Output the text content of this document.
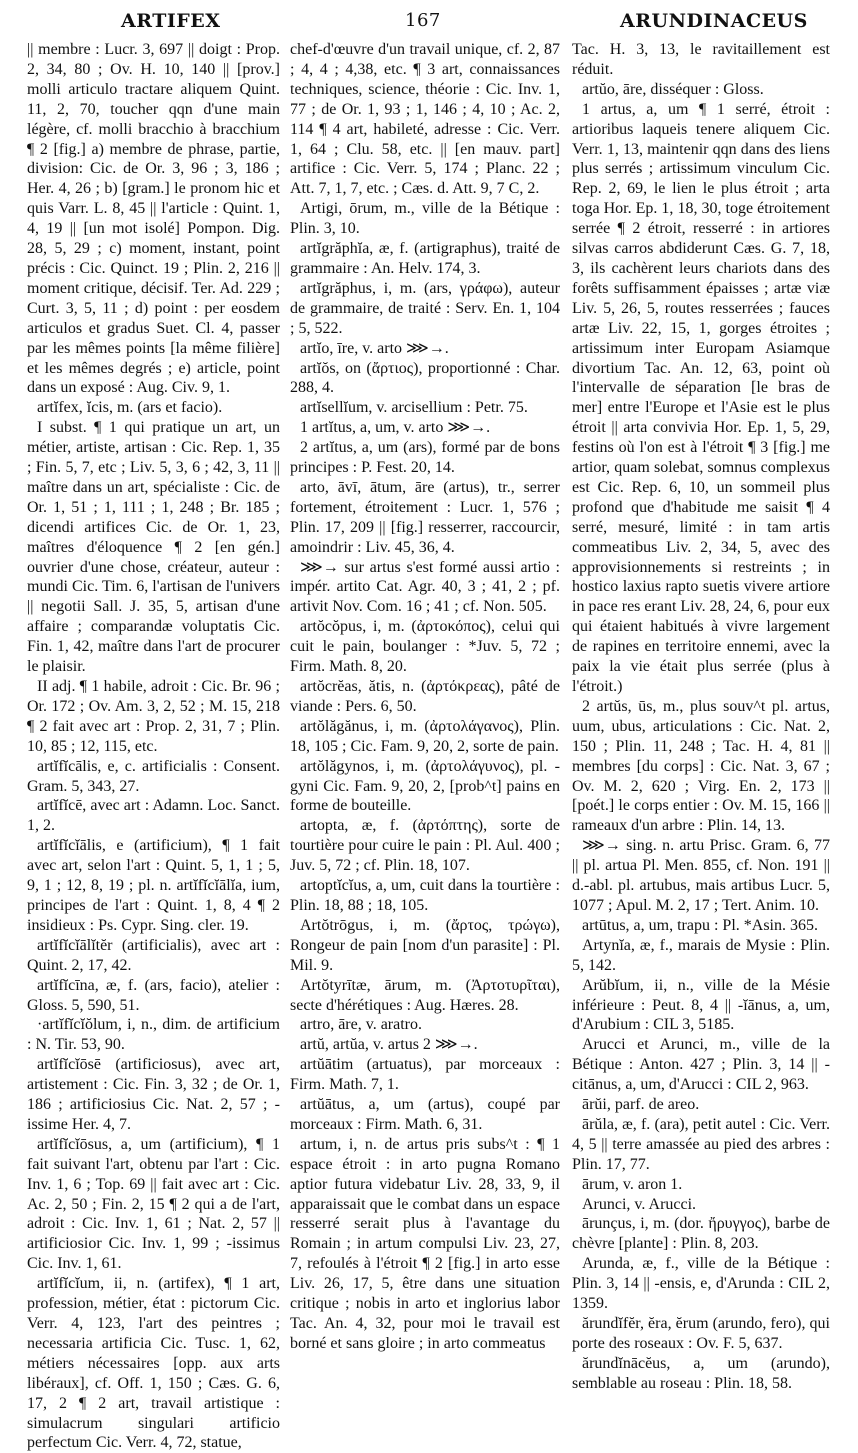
ARTIFEX	167	ARUNDINACEUS

|| membre : Lucr. 3, 697 || doigt : Prop. 2, 34, 80 ; Ov. H. 10, 140 || [prov.] molli articulo tractare aliquem Quint. 11, 2, 70, toucher qqn d'une main légère, cf. molli bracchio à bracchium ¶ 2 [fig.] a) membre de phrase, partie, division: Cic. de Or. 3, 96 ; 3, 186 ; Her. 4, 26 ; b) [gram.] le pronom hic et quis Varr. L. 8, 45 || l'article : Quint. 1, 4, 19 || [un mot isolé] Pompon. Dig. 28, 5, 29 ; c) moment, instant, point précis : Cic. Quinct. 19 ; Plin. 2, 216 || moment critique, décisif. Ter. Ad. 229 ; Curt. 3, 5, 11 ; d) point : per eosdem articulos et gradus Suet. Cl. 4, passer par les mêmes points [la même filière] et les mêmes degrés ; e) article, point dans un exposé : Aug. Civ. 9, 1.

artĭfex, ĭcis, m. (ars et facio).

I subst. ¶ 1 qui pratique un art, un métier, artiste, artisan : Cic. Rep. 1, 35 ; Fin. 5, 7, etc ; Liv. 5, 3, 6 ; 42, 3, 11 || maître dans un art, spécialiste : Cic. de Or. 1, 51 ; 1, 111 ; 1, 248 ; Br. 185 ; dicendi artifices Cic. de Or. 1, 23, maîtres d'éloquence ¶ 2 [en gén.] ouvrier d'une chose, créateur, auteur : mundi Cic. Tim. 6, l'artisan de l'univers || negotii Sall. J. 35, 5, artisan d'une affaire ; comparandæ voluptatis Cic. Fin. 1, 42, maître dans l'art de procurer le plaisir.

II adj. ¶ 1 habile, adroit : Cic. Br. 96 ; Or. 172 ; Ov. Am. 3, 2, 52 ; M. 15, 218 ¶ 2 fait avec art : Prop. 2, 31, 7 ; Plin. 10, 85 ; 12, 115, etc.

artĭfĭcālis, e, c. artificialis : Consent. Gram. 5, 343, 27.

artĭfĭcē, avec art : Adamn. Loc. Sanct. 1, 2.

artĭfĭcĭālis, e (artificium), ¶ 1 fait avec art, selon l'art : Quint. 5, 1, 1 ; 5, 9, 1 ; 12, 8, 19 ; pl. n. artĭfĭcĭālĭa, ium, principes de l'art : Quint. 1, 8, 4 ¶ 2 insidieux : Ps. Cypr. Sing. cler. 19.

artĭfĭcĭālĭtĕr (artificialis), avec art : Quint. 2, 17, 42.

artĭfĭcīna, æ, f. (ars, facio), atelier : Gloss. 5, 590, 51.

·artĭfĭcĭŏlum, i, n., dim. de artificium : N. Tir. 53, 90.

artĭfĭcĭōsē (artificiosus), avec art, artistement : Cic. Fin. 3, 32 ; de Or. 1, 186 ; artificiosius Cic. Nat. 2, 57 ; -issime Her. 4, 7.

artĭfĭcĭōsus, a, um (artificium), ¶ 1 fait suivant l'art, obtenu par l'art : Cic. Inv. 1, 6 ; Top. 69 || fait avec art : Cic. Ac. 2, 50 ; Fin. 2, 15 ¶ 2 qui a de l'art, adroit : Cic. Inv. 1, 61 ; Nat. 2, 57 || artificiosior Cic. Inv. 1, 99 ; -issimus Cic. Inv. 1, 61.

artĭfĭcĭum, ii, n. (artifex), ¶ 1 art, profession, métier, état : pictorum Cic. Verr. 4, 123, l'art des peintres ; necessaria artificia Cic. Tusc. 1, 62, métiers nécessaires [opp. aux arts libéraux], cf. Off. 1, 150 ; Cæs. G. 6, 17, 2 ¶ 2 art, travail artistique : simulacrum singulari artificio perfectum Cic. Verr. 4, 72, statue,

chef-d'œuvre d'un travail unique, cf. 2, 87 ; 4, 4 ; 4,38, etc. ¶ 3 art, connaissances techniques, science, théorie : Cic. Inv. 1, 77 ; de Or. 1, 93 ; 1, 146 ; 4, 10 ; Ac. 2, 114 ¶ 4 art, habileté, adresse : Cic. Verr. 1, 64 ; Clu. 58, etc. || [en mauv. part] artifice : Cic. Verr. 5, 174 ; Planc. 22 ; Att. 7, 1, 7, etc. ; Cæs. d. Att. 9, 7 C, 2.

Artigi, ōrum, m., ville de la Bétique : Plin. 3, 10.

artĭgrăphĭa, æ, f. (artigraphus), traité de grammaire : An. Helv. 174, 3.

artĭgrăphus, i, m. (ars, γράφω), auteur de grammaire, de traité : Serv. En. 1, 104 ; 5, 522.

artĭo, īre, v. arto ⋙→.

artĭŏs, on (ἄρτιος), proportionné : Char. 288, 4.

artĭsellĭum, v. arcisellium : Petr. 75.

1 artĭtus, a, um, v. arto ⋙→.

2 artĭtus, a, um (ars), formé par de bons principes : P. Fest. 20, 14.

arto, āvī, ātum, āre (artus), tr., serrer fortement, étroitement : Lucr. 1, 576 ; Plin. 17, 209 || [fig.] resserrer, raccourcir, amoindrir : Liv. 45, 36, 4.

⋙→ sur artus s'est formé aussi artio : impér. artito Cat. Agr. 40, 3 ; 41, 2 ; pf. artivit Nov. Com. 16 ; 41 ; cf. Non. 505.

artŏcŏpus, i, m. (ἀρτοκόπος), celui qui cuit le pain, boulanger : *Juv. 5, 72 ; Firm. Math. 8, 20.

artŏcrĕas, ătis, n. (ἀρτόκρεας), pâté de viande : Pers. 6, 50.

artŏlăgănus, i, m. (ἀρτολάγανος), Plin. 18, 105 ; Cic. Fam. 9, 20, 2, sorte de pain.

artŏlăgynos, i, m. (ἀρτολάγυνος), pl. -gyni Cic. Fam. 9, 20, 2, [prob^t] pains en forme de bouteille.

artopta, æ, f. (ἀρτόπτης), sorte de tourtière pour cuire le pain : Pl. Aul. 400 ; Juv. 5, 72 ; cf. Plin. 18, 107.

artoptĭcĭus, a, um, cuit dans la tourtière : Plin. 18, 88 ; 18, 105.

Artŏtrōgus, i, m. (ἄρτος, τρώγω), Rongeur de pain [nom d'un parasite] : Pl. Mil. 9.

Artŏtyrītæ, ārum, m. (Ἀρτοτυρῖται), secte d'hérétiques : Aug. Hæres. 28.

artro, āre, v. aratro.

artŭ, artŭa, v. artus 2 ⋙→.

artŭātim (artuatus), par morceaux : Firm. Math. 7, 1.

artŭātus, a, um (artus), coupé par morceaux : Firm. Math. 6, 31.

artum, i, n. de artus pris subs^t : ¶ 1 espace étroit : in arto pugna Romano aptior futura videbatur Liv. 28, 33, 9, il apparaissait que le combat dans un espace resserré serait plus à l'avantage du Romain ; in artum compulsi Liv. 23, 27, 7, refoulés à l'étroit ¶ 2 [fig.] in arto esse Liv. 26, 17, 5, être dans une situation critique ; nobis in arto et inglorius labor Tac. An. 4, 32, pour moi le travail est borné et sans gloire ; in arto commeatus

Tac. H. 3, 13, le ravitaillement est réduit.

artŭo, āre, disséquer : Gloss.

1 artus, a, um ¶ 1 serré, étroit : artioribus laqueis tenere aliquem Cic. Verr. 1, 13, maintenir qqn dans des liens plus serrés ; artissimum vinculum Cic. Rep. 2, 69, le lien le plus étroit ; arta toga Hor. Ep. 1, 18, 30, toge étroitement serrée ¶ 2 étroit, resserré : in artiores silvas carros abdiderunt Cæs. G. 7, 18, 3, ils cachèrent leurs chariots dans des forêts suffisamment épaisses ; artæ viæ Liv. 5, 26, 5, routes resserrées ; fauces artæ Liv. 22, 15, 1, gorges étroites ; artissimum inter Europam Asiamque divortium Tac. An. 12, 63, point où l'intervalle de séparation [le bras de mer] entre l'Europe et l'Asie est le plus étroit || arta convivia Hor. Ep. 1, 5, 29, festins où l'on est à l'étroit ¶ 3 [fig.] me artior, quam solebat, somnus complexus est Cic. Rep. 6, 10, un sommeil plus profond que d'habitude me saisit ¶ 4 serré, mesuré, limité : in tam artis commeatibus Liv. 2, 34, 5, avec des approvisionnements si restreints ; in hostico laxius rapto suetis vivere artiore in pace res erant Liv. 28, 24, 6, pour eux qui étaient habitués à vivre largement de rapines en territoire ennemi, avec la paix la vie était plus serrée (plus à l'étroit.)

2 artŭs, ūs, m., plus souv^t pl. artus, uum, ubus, articulations : Cic. Nat. 2, 150 ; Plin. 11, 248 ; Tac. H. 4, 81 || membres [du corps] : Cic. Nat. 3, 67 ; Ov. M. 2, 620 ; Virg. En. 2, 173 || [poét.] le corps entier : Ov. M. 15, 166 || rameaux d'un arbre : Plin. 14, 13.

⋙→ sing. n. artu Prisc. Gram. 6, 77 || pl. artua Pl. Men. 855, cf. Non. 191 || d.-abl. pl. artubus, mais artibus Lucr. 5, 1077 ; Apul. M. 2, 17 ; Tert. Anim. 10.

artūtus, a, um, trapu : Pl. *Asin. 365.

Artynĭa, æ, f., marais de Mysie : Plin. 5, 142.

Arŭbĭum, ii, n., ville de la Mésie inférieure : Peut. 8, 4 || -ĭānus, a, um, d'Arubium : CIL 3, 5185.

Arucci et Arunci, m., ville de la Bétique : Anton. 427 ; Plin. 3, 14 || -citānus, a, um, d'Arucci : CIL 2, 963.

ārŭi, parf. de areo.

ārŭla, æ, f. (ara), petit autel : Cic. Verr. 4, 5 || terre amassée au pied des arbres : Plin. 17, 77.

ārum, v. aron 1.

Arunci, v. Arucci.

ārunçus, i, m. (dor. ἤρυγγος), barbe de chèvre [plante] : Plin. 8, 203.

Arunda, æ, f., ville de la Bétique : Plin. 3, 14 || -ensis, e, d'Arunda : CIL 2, 1359.

ărundĭfĕr, ĕra, ĕrum (arundo, fero), qui porte des roseaux : Ov. F. 5, 637.

ărundĭnācĕus, a, um (arundo), semblable au roseau : Plin. 18, 58.
